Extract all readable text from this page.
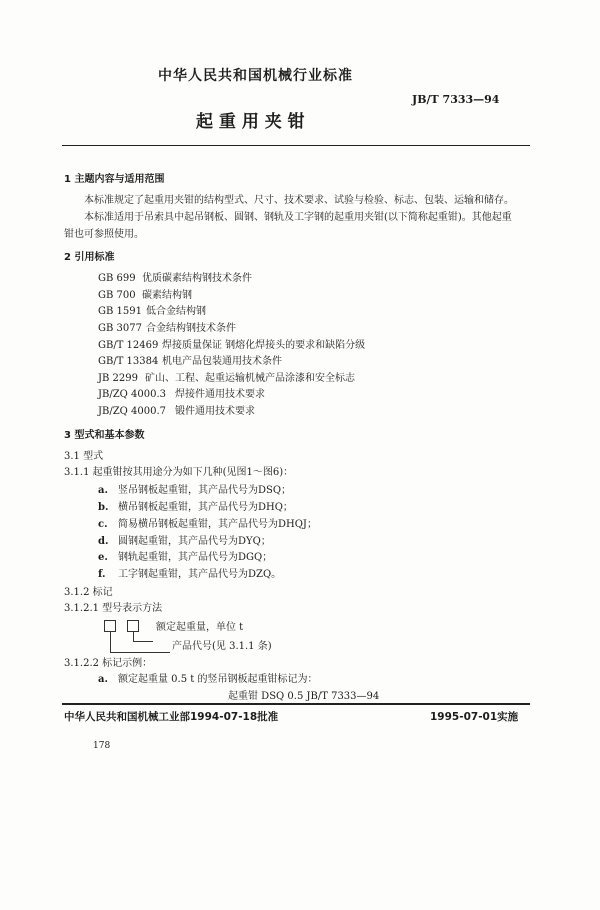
中华人民共和国机械行业标准
JB/T 7333—94
起 重 用 夹 钳
1 主题内容与适用范围
本标准规定了起重用夹钳的结构型式、尺寸、技术要求、试验与检验、标志、包装、运输和储存。
本标准适用于吊索具中起吊钢板、圆钢、钢轨及工字钢的起重用夹钳(以下简称起重钳)。其他起重
钳也可参照使用。
2 引用标准
GB 699 优质碳素结构钢技术条件
GB 700 碳素结构钢
GB 1591 低合金结构钢
GB 3077 合金结构钢技术条件
GB/T 12469 焊接质量保证 钢熔化焊接头的要求和缺陷分级
GB/T 13384 机电产品包装通用技术条件
JB 2299 矿山、工程、起重运输机械产品涂漆和安全标志
JB/ZQ 4000.3 焊接件通用技术要求
JB/ZQ 4000.7 锻件通用技术要求
3 型式和基本参数
3.1 型式
3.1.1 起重钳按其用途分为如下几种(见图1～图6)：
a. 竖吊钢板起重钳，其产品代号为DSQ；
b. 横吊钢板起重钳，其产品代号为DHQ；
c. 简易横吊钢板起重钳，其产品代号为DHQJ；
d. 圆钢起重钳，其产品代号为DYQ；
e. 钢轨起重钳，其产品代号为DGQ；
f. 工字钢起重钳，其产品代号为DZQ。
3.1.2 标记
3.1.2.1 型号表示方法
额定起重量，单位 t
产品代号(见 3.1.1 条)
3.1.2.2 标记示例：
a. 额定起重量 0.5 t 的竖吊钢板起重钳标记为：
起重钳 DSQ 0.5 JB/T 7333—94
中华人民共和国机械工业部1994-07-18批准	1995-07-01实施
178
